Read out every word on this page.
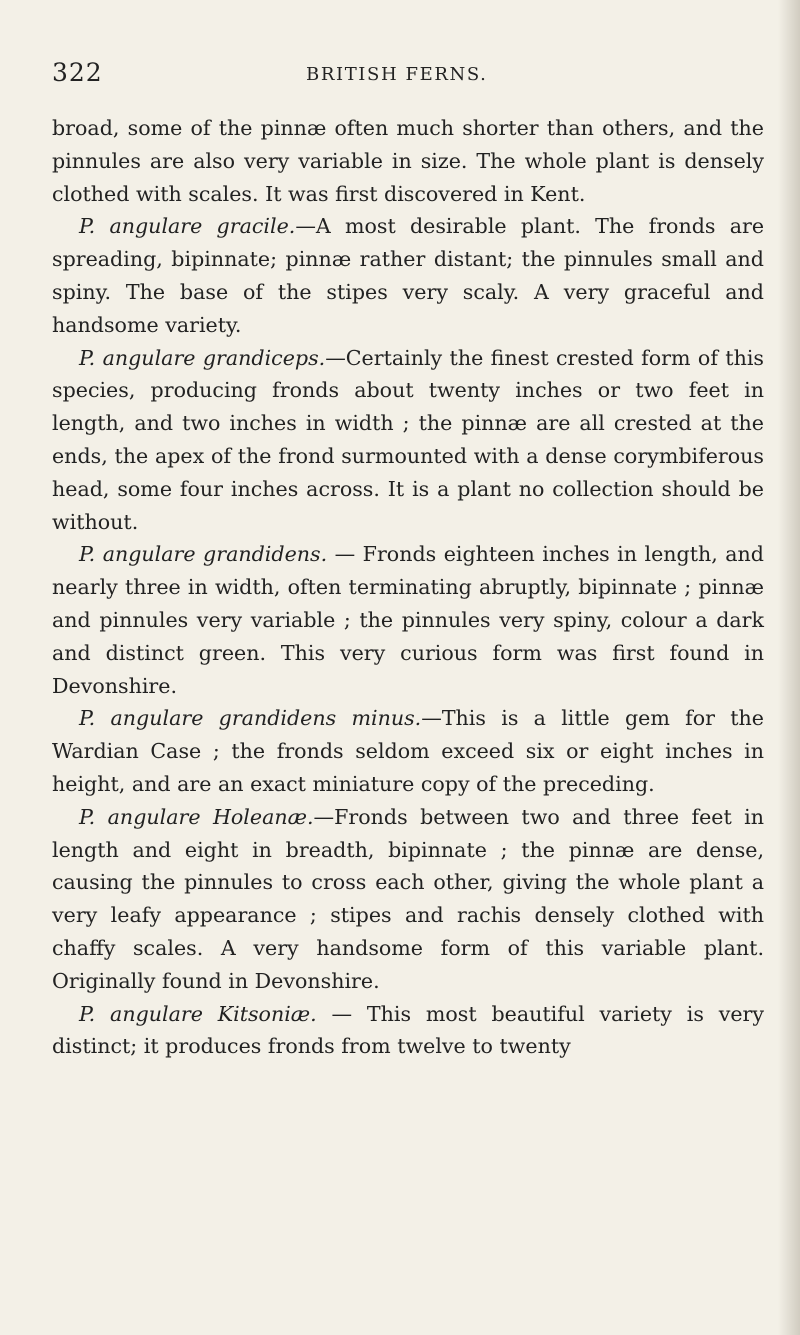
322	BRITISH FERNS.

broad, some of the pinnæ often much shorter than others, and the pinnules are also very variable in size. The whole plant is densely clothed with scales. It was first discovered in Kent.

P. angulare gracile.—A most desirable plant. The fronds are spreading, bipinnate; pinnæ rather distant; the pinnules small and spiny. The base of the stipes very scaly. A very graceful and handsome variety.

P. angulare grandiceps.—Certainly the finest crested form of this species, producing fronds about twenty inches or two feet in length, and two inches in width ; the pinnæ are all crested at the ends, the apex of the frond surmounted with a dense corymbiferous head, some four inches across. It is a plant no collection should be without.

P. angulare grandidens. — Fronds eighteen inches in length, and nearly three in width, often terminating abruptly, bipinnate ; pinnæ and pinnules very variable ; the pinnules very spiny, colour a dark and distinct green. This very curious form was first found in Devonshire.

P. angulare grandidens minus.—This is a little gem for the Wardian Case ; the fronds seldom exceed six or eight inches in height, and are an exact miniature copy of the preceding.

P. angulare Holeanæ.—Fronds between two and three feet in length and eight in breadth, bipinnate ; the pinnæ are dense, causing the pinnules to cross each other, giving the whole plant a very leafy appearance ; stipes and rachis densely clothed with chaffy scales. A very handsome form of this variable plant. Originally found in Devonshire.

P. angulare Kitsoniæ. — This most beautiful variety is very distinct; it produces fronds from twelve to twenty
